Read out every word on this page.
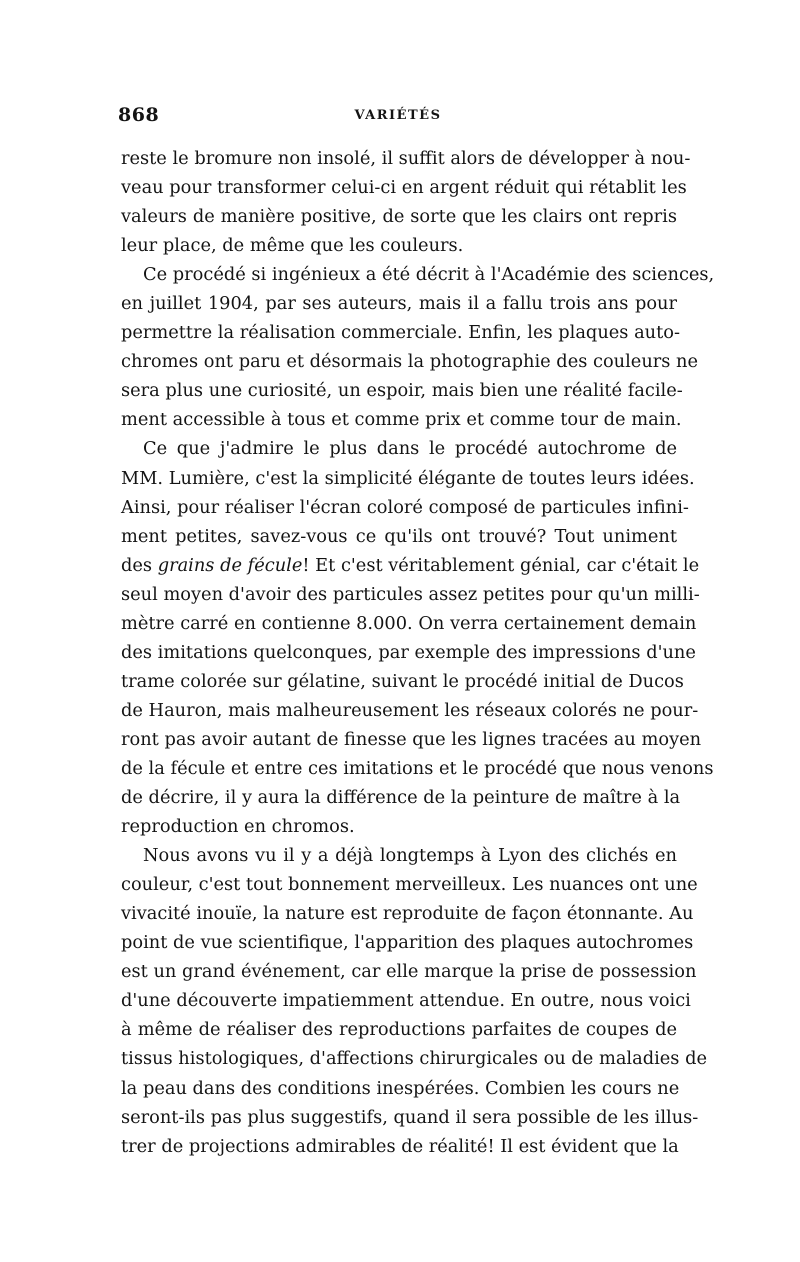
868	VARIÉTÉS
reste le bromure non insolé, il suffit alors de développer à nou-
veau pour transformer celui-ci en argent réduit qui rétablit les
valeurs de manière positive, de sorte que les clairs ont repris
leur place, de même que les couleurs.
Ce procédé si ingénieux a été décrit à l'Académie des sciences,
en juillet 1904, par ses auteurs, mais il a fallu trois ans pour
permettre la réalisation commerciale. Enfin, les plaques auto-
chromes ont paru et désormais la photographie des couleurs ne
sera plus une curiosité, un espoir, mais bien une réalité facile-
ment accessible à tous et comme prix et comme tour de main.
Ce que j'admire le plus dans le procédé autochrome de
MM. Lumière, c'est la simplicité élégante de toutes leurs idées.
Ainsi, pour réaliser l'écran coloré composé de particules infini-
ment petites, savez-vous ce qu'ils ont trouvé? Tout uniment
des grains de fécule! Et c'est véritablement génial, car c'était le
seul moyen d'avoir des particules assez petites pour qu'un milli-
mètre carré en contienne 8.000. On verra certainement demain
des imitations quelconques, par exemple des impressions d'une
trame colorée sur gélatine, suivant le procédé initial de Ducos
de Hauron, mais malheureusement les réseaux colorés ne pour-
ront pas avoir autant de finesse que les lignes tracées au moyen
de la fécule et entre ces imitations et le procédé que nous venons
de décrire, il y aura la différence de la peinture de maître à la
reproduction en chromos.
Nous avons vu il y a déjà longtemps à Lyon des clichés en
couleur, c'est tout bonnement merveilleux. Les nuances ont une
vivacité inouïe, la nature est reproduite de façon étonnante. Au
point de vue scientifique, l'apparition des plaques autochromes
est un grand événement, car elle marque la prise de possession
d'une découverte impatiemment attendue. En outre, nous voici
à même de réaliser des reproductions parfaites de coupes de
tissus histologiques, d'affections chirurgicales ou de maladies de
la peau dans des conditions inespérées. Combien les cours ne
seront-ils pas plus suggestifs, quand il sera possible de les illus-
trer de projections admirables de réalité! Il est évident que la
